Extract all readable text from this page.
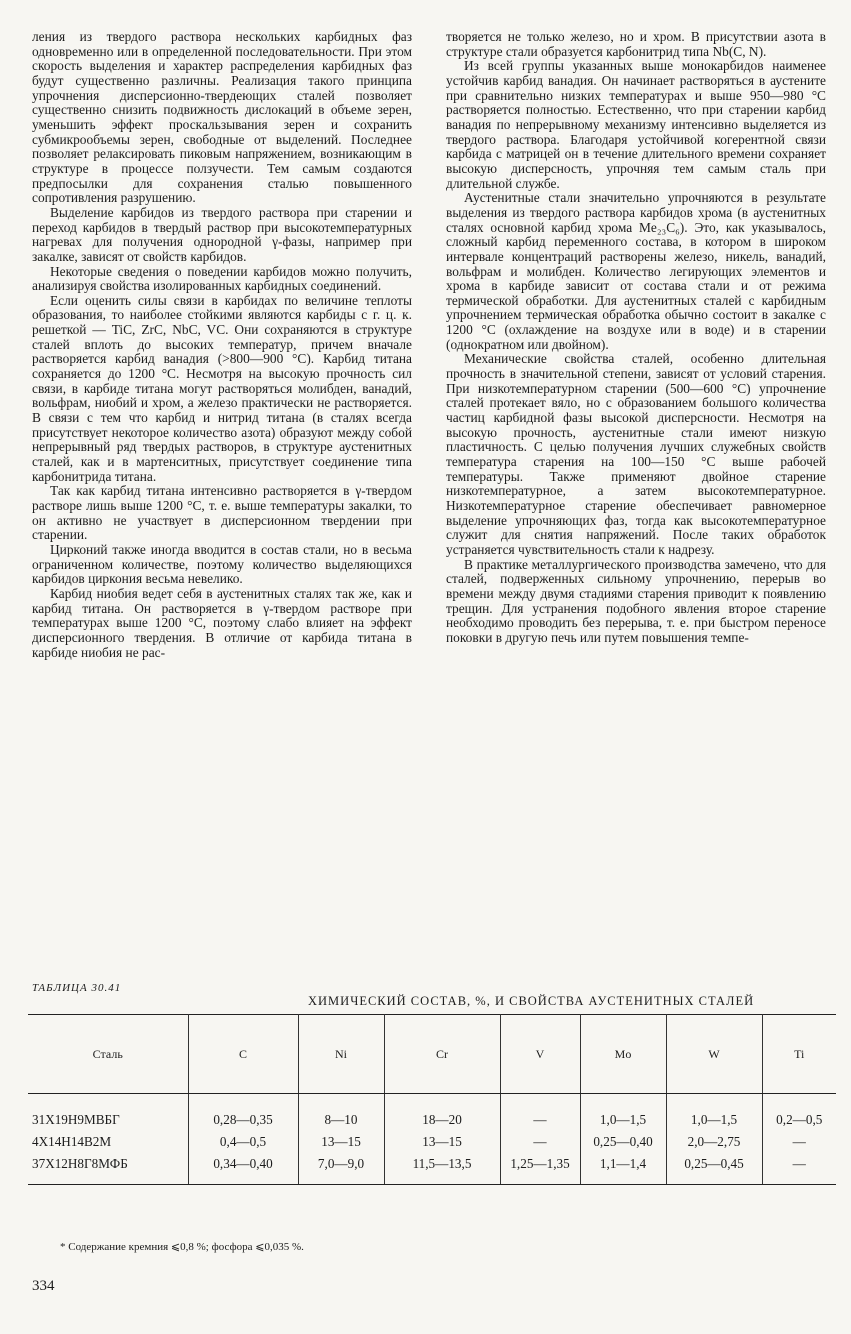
ления из твердого раствора нескольких карбидных фаз одновременно или в определенной последовательности. При этом скорость выделения и характер распределения карбидных фаз будут существенно различны. Реализация такого принципа упрочнения дисперсионно-твердеющих сталей позволяет существенно снизить подвижность дислокаций в объеме зерен, уменьшить эффект проскальзывания зерен и сохранить субмикрообъемы зерен, свободные от выделений. Последнее позволяет релаксировать пиковым напряжением, возникающим в структуре в процессе ползучести. Тем самым создаются предпосылки для сохранения сталью повышенного сопротивления разрушению.

Выделение карбидов из твердого раствора при старении и переход карбидов в твердый раствор при высокотемпературных нагревах для получения однородной γ-фазы, например при закалке, зависят от свойств карбидов.

Некоторые сведения о поведении карбидов можно получить, анализируя свойства изолированных карбидных соединений.

Если оценить силы связи в карбидах по величине теплоты образования, то наиболее стойкими являются карбиды с г. ц. к. решеткой — TiC, ZrC, NbC, VC. Они сохраняются в структуре сталей вплоть до высоких температур, причем вначале растворяется карбид ванадия (>800—900 °C). Карбид титана сохраняется до 1200 °C. Несмотря на высокую прочность сил связи, в карбиде титана могут растворяться молибден, ванадий, вольфрам, ниобий и хром, а железо практически не растворяется. В связи с тем что карбид и нитрид титана (в сталях всегда присутствует некоторое количество азота) образуют между собой непрерывный ряд твердых растворов, в структуре аустенитных сталей, как и в мартенситных, присутствует соединение типа карбонитрида титана.

Так как карбид титана интенсивно растворяется в γ-твердом растворе лишь выше 1200 °C, т. е. выше температуры закалки, то он активно не участвует в дисперсионном твердении при старении.

Цирконий также иногда вводится в состав стали, но в весьма ограниченном количестве, поэтому количество выделяющихся карбидов циркония весьма невелико.

Карбид ниобия ведет себя в аустенитных сталях так же, как и карбид титана. Он растворяется в γ-твердом растворе при температурах выше 1200 °C, поэтому слабо влияет на эффект дисперсионного твердения. В отличие от карбида титана в карбиде ниобия не рас-

творяется не только железо, но и хром. В присутствии азота в структуре стали образуется карбонитрид типа Nb(C, N).

Из всей группы указанных выше монокарбидов наименее устойчив карбид ванадия. Он начинает растворяться в аустените при сравнительно низких температурах и выше 950—980 °C растворяется полностью. Естественно, что при старении карбид ванадия по непрерывному механизму интенсивно выделяется из твердого раствора. Благодаря устойчивой когерентной связи карбида с матрицей он в течение длительного времени сохраняет высокую дисперсность, упрочняя тем самым сталь при длительной службе.

Аустенитные стали значительно упрочняются в результате выделения из твердого раствора карбидов хрома (в аустенитных сталях основной карбид хрома Me₂₃C₆). Это, как указывалось, сложный карбид переменного состава, в котором в широком интервале концентраций растворены железо, никель, ванадий, вольфрам и молибден. Количество легирующих элементов и хрома в карбиде зависит от состава стали и от режима термической обработки. Для аустенитных сталей с карбидным упрочнением термическая обработка обычно состоит в закалке с 1200 °C (охлаждение на воздухе или в воде) и в старении (однократном или двойном).

Механические свойства сталей, особенно длительная прочность в значительной степени, зависят от условий старения. При низкотемпературном старении (500—600 °C) упрочнение сталей протекает вяло, но с образованием большого количества частиц карбидной фазы высокой дисперсности. Несмотря на высокую прочность, аустенитные стали имеют низкую пластичность. С целью получения лучших служебных свойств температура старения на 100—150 °C выше рабочей температуры. Также применяют двойное старение низкотемпературное, а затем высокотемпературное. Низкотемпературное старение обеспечивает равномерное выделение упрочняющих фаз, тогда как высокотемпературное служит для снятия напряжений. После таких обработок устраняется чувствительность стали к надрезу.

В практике металлургического производства замечено, что для сталей, подверженных сильному упрочнению, перерыв во времени между двумя стадиями старения приводит к появлению трещин. Для устранения подобного явления второе старение необходимо проводить без перерыва, т. е. при быстром переносе поковки в другую печь или путем повышения темпе-

ТАБЛИЦА 30.41
ХИМИЧЕСКИЙ СОСТАВ, %, И СВОЙСТВА АУСТЕНИТНЫХ СТАЛЕЙ
Сталь	C	Ni	Cr	V	Mo	W	Ti
31Х19Н9МВБГ	0,28—0,35	8—10	18—20	—	1,0—1,5	1,0—1,5	0,2—0,5
4Х14Н14В2М	0,4—0,5	13—15	13—15	—	0,25—0,40	2,0—2,75	—
37Х12Н8Г8МФБ	0,34—0,40	7,0—9,0	11,5—13,5	1,25—1,35	1,1—1,4	0,25—0,45	—
* Содержание кремния ⩽0,8 %; фосфора ⩽0,035 %.
334
